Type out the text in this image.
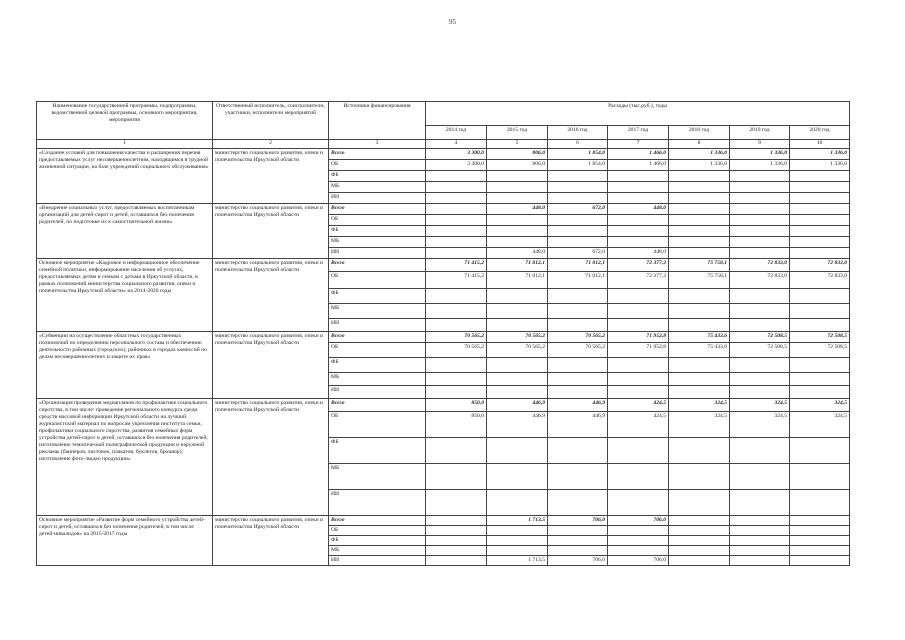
95
Наименование государственной программы, подпрограммы, ведомственной целевой программы, основного мероприятия, мероприятия	Ответственный исполнитель, соисполнители, участники, исполнители мероприятий	Источники финансирования	Расходы (тыс.руб.), годы						
			2014 год	2015 год	2016 год	2017 год	2018 год	2019 год	2020 год
1	2	3	4	5	6	7	8	9	10
«Создание условий для повышения качества и расширения перечня предоставляемых услуг несовершеннолетним, находящимся в трудной жизненной ситуации, на базе учреждений социального обслуживания»	министерство социального развития, опеки и попечительства Иркутской области	Всего	3 300,0	806,0	1 854,0	1 466,0	1 336,0	1 336,0	1 336,0
		ОБ	3 300,0	806,0	1 854,0	1 466,0	1 336,0	1 336,0	1 336,0
		ФБ							
		МБ							
		ИИ							
«Внедрение социальных услуг, предоставляемых воспитанникам организаций для детей-сирот и детей, оставшихся без попечения родителей, по подготовке их к самостоятельной жизни»	министерство социального развития, опеки и попечительства Иркутской области	Всего		448,0	672,0	448,0			
		ОБ							
		ФБ							
		МБ							
		ИИ		448,0	672,0	448,0			
Основное мероприятие «Кадровое и информационное обеспечение семейной политики, информирование населения об услугах, предоставляемых детям и семьям с детьми в Иркутской области, в рамках полномочий министерства социального развития, опеки и попечительства Иркутской области» на 2014-2020 годы	министерство социального развития, опеки и попечительства Иркутской области	Всего	71 415,2	71 012,1	71 012,1	72 377,3	75 758,1	72 833,0	72 833,0
		ОБ	71 415,2	71 012,1	71 012,1	72 377,3	75 758,1	72 833,0	72 833,0
		ФБ							
		МБ							
		ИИ							
«Субвенции на осуществление областных государственных полномочий по определению персонального состава и обеспечению деятельности районных (городских), районных в городах комиссий по делам несовершеннолетних и защите их прав»	министерство социального развития, опеки и попечительства Иркутской области	Всего	70 565,2	70 565,2	70 565,2	71 952,8	75 433,6	72 508,5	72 508,5
		ОБ	70 565,2	70 565,2	70 565,2	71 952,8	75 433,6	72 508,5	72 508,5
		ФБ							
		МБ							
		ИИ							
«Организация проведения медиапланов по профилактике социального сиротства, в том числе: проведение регионального конкурса среди средств массовой информации Иркутской области на лучший журналистский материал по вопросам укрепления института семьи, профилактики социального сиротства, развития семейных форм устройства детей-сирот и детей, оставшихся без попечения родителей; изготовление тематической полиграфической продукции и наружной рекламы (баннеров, листовок, плакатов, буклетов, брошюр); изготовление фото-/видео продукции»	министерство социального развития, опеки и попечительства Иркутской области	Всего	850,0	446,9	446,9	424,5	324,5	324,5	324,5
		ОБ	850,0	446,9	446,9	424,5	324,5	324,5	324,5
		ФБ							
		МБ							
		ИИ							
Основное мероприятие «Развитие форм семейного устройства детей-сирот и детей, оставшихся без попечения родителей, в том числе детей-инвалидов» на 2015-2017 годы	министерство социального развития, опеки и попечительства Иркутской области	Всего		1 713,5	706,0	706,0			
		ОБ							
		ФБ							
		МБ							
		ИИ		1 713,5	706,0	706,0			
